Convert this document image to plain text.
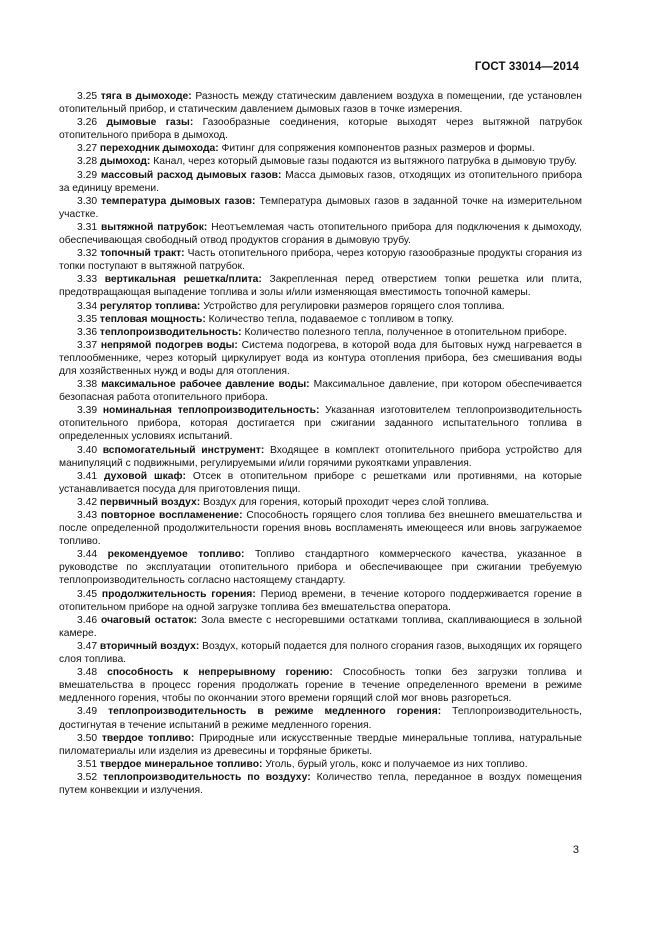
ГОСТ 33014—2014

3.25 тяга в дымоходе: Разность между статическим давлением воздуха в помещении, где установлен отопительный прибор, и статическим давлением дымовых газов в точке измерения.

3.26 дымовые газы: Газообразные соединения, которые выходят через вытяжной патрубок отопительного прибора в дымоход.

3.27 переходник дымохода: Фитинг для сопряжения компонентов разных размеров и формы.

3.28 дымоход: Канал, через который дымовые газы подаются из вытяжного патрубка в дымовую трубу.

3.29 массовый расход дымовых газов: Масса дымовых газов, отходящих из отопительного прибора за единицу времени.

3.30 температура дымовых газов: Температура дымовых газов в заданной точке на измерительном участке.

3.31 вытяжной патрубок: Неотъемлемая часть отопительного прибора для подключения к дымоходу, обеспечивающая свободный отвод продуктов сгорания в дымовую трубу.

3.32 топочный тракт: Часть отопительного прибора, через которую газообразные продукты сгорания из топки поступают в вытяжной патрубок.

3.33 вертикальная решетка/плита: Закрепленная перед отверстием топки решетка или плита, предотвращающая выпадение топлива и золы и/или изменяющая вместимость топочной камеры.

3.34 регулятор топлива: Устройство для регулировки размеров горящего слоя топлива.

3.35 тепловая мощность: Количество тепла, подаваемое с топливом в топку.

3.36 теплопроизводительность: Количество полезного тепла, полученное в отопительном приборе.

3.37 непрямой подогрев воды: Система подогрева, в которой вода для бытовых нужд нагревается в теплообменнике, через который циркулирует вода из контура отопления прибора, без смешивания воды для хозяйственных нужд и воды для отопления.

3.38 максимальное рабочее давление воды: Максимальное давление, при котором обеспечивается безопасная работа отопительного прибора.

3.39 номинальная теплопроизводительность: Указанная изготовителем теплопроизводительность отопительного прибора, которая достигается при сжигании заданного испытательного топлива в определенных условиях испытаний.

3.40 вспомогательный инструмент: Входящее в комплект отопительного прибора устройство для манипуляций с подвижными, регулируемыми и/или горячими рукоятками управления.

3.41 духовой шкаф: Отсек в отопительном приборе с решетками или противнями, на которые устанавливается посуда для приготовления пищи.

3.42 первичный воздух: Воздух для горения, который проходит через слой топлива.

3.43 повторное воспламенение: Способность горящего слоя топлива без внешнего вмешательства и после определенной продолжительности горения вновь воспламенять имеющееся или вновь загружаемое топливо.

3.44 рекомендуемое топливо: Топливо стандартного коммерческого качества, указанное в руководстве по эксплуатации отопительного прибора и обеспечивающее при сжигании требуемую теплопроизводительность согласно настоящему стандарту.

3.45 продолжительность горения: Период времени, в течение которого поддерживается горение в отопительном приборе на одной загрузке топлива без вмешательства оператора.

3.46 очаговый остаток: Зола вместе с несгоревшими остатками топлива, скапливающиеся в зольной камере.

3.47 вторичный воздух: Воздух, который подается для полного сгорания газов, выходящих их горящего слоя топлива.

3.48 способность к непрерывному горению: Способность топки без загрузки топлива и вмешательства в процесс горения продолжать горение в течение определенного времени в режиме медленного горения, чтобы по окончании этого времени горящий слой мог вновь разгореться.

3.49 теплопроизводительность в режиме медленного горения: Теплопроизводительность, достигнутая в течение испытаний в режиме медленного горения.

3.50 твердое топливо: Природные или искусственные твердые минеральные топлива, натуральные пиломатериалы или изделия из древесины и торфяные брикеты.

3.51 твердое минеральное топливо: Уголь, бурый уголь, кокс и получаемое из них топливо.

3.52 теплопроизводительность по воздуху: Количество тепла, переданное в воздух помещения путем конвекции и излучения.

3
